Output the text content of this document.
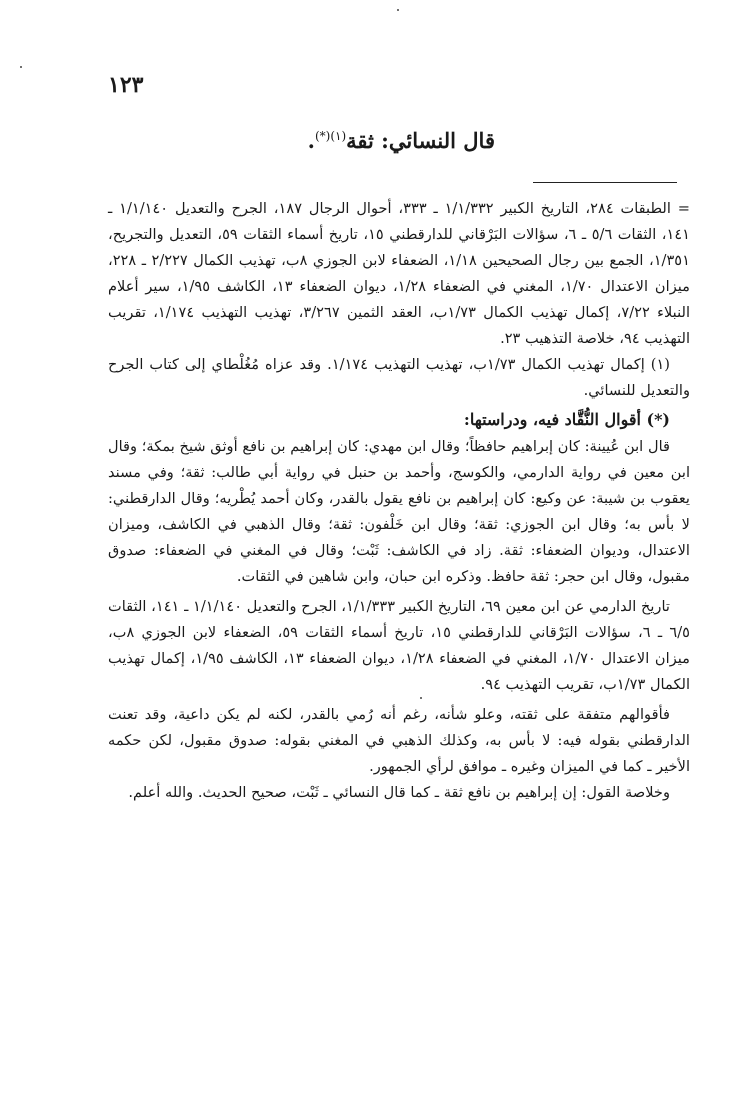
١٢٣
قال النسائي: ثقة$^{(١)(*)}$.

= الطبقات ٢٨٤، التاريخ الكبير ١/١/٣٣٢ ـ ٣٣٣، أحوال الرجال ١٨٧، الجرح والتعديل ١/١/١٤٠ ـ ١٤١، الثقات ٥/٦ ـ ٦، سؤالات البَرْقاني للدارقطني ١٥، تاريخ أسماء الثقات ٥٩، التعديل والتجريح، ١/٣٥١، الجمع بين رجال الصحيحين ١/١٨، الضعفاء لابن الجوزي ٨ب، تهذيب الكمال ٢/٢٢٧ ـ ٢٢٨، ميزان الاعتدال ١/٧٠، المغني في الضعفاء ١/٢٨، ديوان الضعفاء ١٣، الكاشف ١/٩٥، سير أعلام النبلاء ٧/٢٢، إكمال تهذيب الكمال ١/٧٣ب، العقد الثمين ٣/٢٦٧، تهذيب التهذيب ١/١٧٤، تقريب التهذيب ٩٤، خلاصة التذهيب ٢٣.

(١) إكمال تهذيب الكمال ١/٧٣ب، تهذيب التهذيب ١/١٧٤. وقد عزاه مُغُلْطاي إلى كتاب الجرح والتعديل للنسائي.

(*) أقوال النُّقَّاد فيه، ودراستها:

قال ابن عُيينة: كان إبراهيم حافظاً؛ وقال ابن مهدي: كان إبراهيم بن نافع أوثق شيخ بمكة؛ وقال ابن معين في رواية الدارمي، والكوسج، وأحمد بن حنبل في رواية أبي طالب: ثقة؛ وفي مسند يعقوب بن شيبة: عن وكيع: كان إبراهيم بن نافع يقول بالقدر، وكان أحمد يُطْريه؛ وقال الدارقطني: لا بأس به؛ وقال ابن الجوزي: ثقة؛ وقال ابن خَلْفون: ثقة؛ وقال الذهبي في الكاشف، وميزان الاعتدال، وديوان الضعفاء: ثقة. زاد في الكاشف: ثَبْت؛ وقال في المغني في الضعفاء: صدوق مقبول، وقال ابن حجر: ثقة حافظ. وذكره ابن حبان، وابن شاهين في الثقات.

تاريخ الدارمي عن ابن معين ٦٩، التاريخ الكبير ١/١/٣٣٣، الجرح والتعديل ١/١/١٤٠ ـ ١٤١، الثقات ٦/٥ ـ ٦، سؤالات البَرْقاني للدارقطني ١٥، تاريخ أسماء الثقات ٥٩، الضعفاء لابن الجوزي ٨ب، ميزان الاعتدال ١/٧٠، المغني في الضعفاء ١/٢٨، ديوان الضعفاء ١٣، الكاشف ١/٩٥، إكمال تهذيب الكمال ١/٧٣ب، تقريب التهذيب ٩٤.

فأقوالهم متفقة على ثقته، وعلو شأنه، رغم أنه رُمي بالقدر، لكنه لم يكن داعية، وقد تعنت الدارقطني بقوله فيه: لا بأس به، وكذلك الذهبي في المغني بقوله: صدوق مقبول، لكن حكمه الأخير ـ كما في الميزان وغيره ـ موافق لرأي الجمهور.

وخلاصة القول: إن إبراهيم بن نافع ثقة ـ كما قال النسائي ـ ثَبْت، صحيح الحديث. والله أعلم.
